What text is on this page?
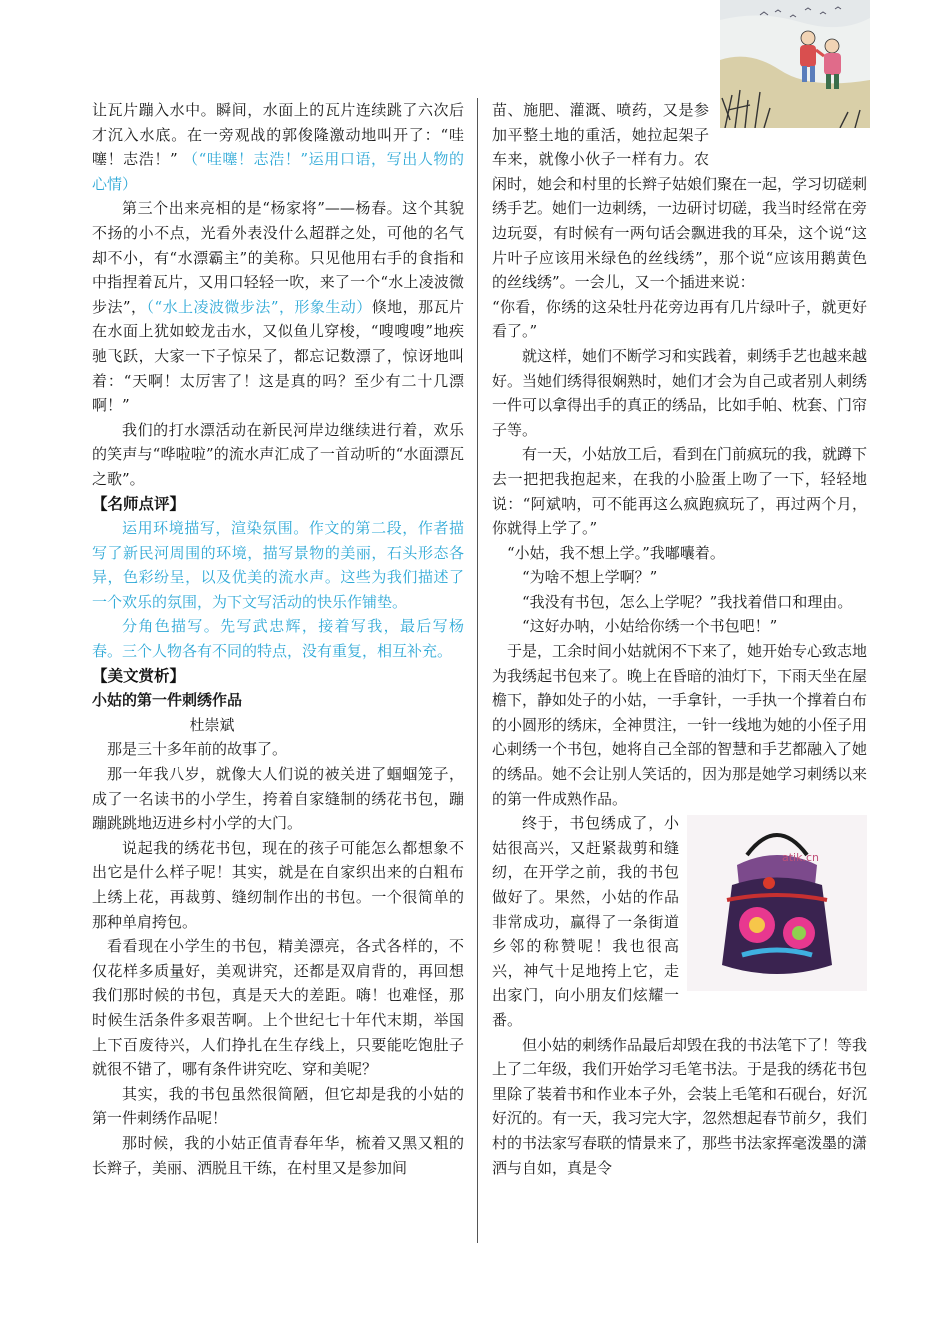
让瓦片蹦入水中。瞬间，水面上的瓦片连续跳了六次后才沉入水底。在一旁观战的郭俊隆激动地叫开了：“哇噻！志浩！” （“哇噻！志浩！”运用口语，写出人物的心情）

第三个出来亮相的是“杨家将”——杨春。这个其貌不扬的小不点，光看外表没什么超群之处，可他的名气却不小，有“水漂霸主”的美称。只见他用右手的食指和中指捏着瓦片，又用口轻轻一吹，来了一个“水上凌波微步法”，（“水上凌波微步法”，形象生动）倏地，那瓦片在水面上犹如蛟龙击水，又似鱼儿穿梭，“嗖嗖嗖”地疾驰飞跃，大家一下子惊呆了，都忘记数漂了，惊讶地叫着：“天啊！太厉害了！这是真的吗？至少有二十几漂啊！”

我们的打水漂活动在新民河岸边继续进行着，欢乐的笑声与“哗啦啦”的流水声汇成了一首动听的“水面漂瓦之歌”。

【名师点评】

运用环境描写，渲染氛围。作文的第二段，作者描写了新民河周围的环境，描写景物的美丽，石头形态各异，色彩纷呈，以及优美的流水声。这些为我们描述了一个欢乐的氛围，为下文写活动的快乐作铺垫。

分角色描写。先写武忠辉，接着写我，最后写杨春。三个人物各有不同的特点，没有重复，相互补充。

【美文赏析】

小姑的第一件刺绣作品

杜崇斌

那是三十多年前的故事了。

那一年我八岁，就像大人们说的被关进了蝈蝈笼子，成了一名读书的小学生，挎着自家缝制的绣花书包，蹦蹦跳跳地迈进乡村小学的大门。

说起我的绣花书包，现在的孩子可能怎么都想象不出它是什么样子呢！其实，就是在自家织出来的白粗布上绣上花，再裁剪、缝纫制作出的书包。一个很简单的那种单肩挎包。

看看现在小学生的书包，精美漂亮，各式各样的，不仅花样多质量好，美观讲究，还都是双肩背的，再回想我们那时候的书包，真是天大的差距。嗨！也难怪，那时候生活条件多艰苦啊。上个世纪七十年代末期，举国上下百废待兴，人们挣扎在生存线上，只要能吃饱肚子就很不错了，哪有条件讲究吃、穿和美呢？

其实，我的书包虽然很简陋，但它却是我的小姑的第一件刺绣作品呢！

那时候，我的小姑正值青春年华，梳着又黑又粗的长辫子，美丽、洒脱且干练，在村里又是参加间

苗、施肥、灌溉、喷药，又是参加平整土地的重活，她拉起架子车来，就像小伙子一样有力。农闲时，她会和村里的长辫子姑娘们聚在一起，学习切磋刺绣手艺。她们一边刺绣，一边研讨切磋，我当时经常在旁边玩耍，有时候有一两句话会飘进我的耳朵，这个说“这片叶子应该用米绿色的丝线绣”，那个说“应该用鹅黄色的丝线绣”。一会儿，又一个插进来说：

“你看，你绣的这朵牡丹花旁边再有几片绿叶子，就更好看了。”

就这样，她们不断学习和实践着，刺绣手艺也越来越好。当她们绣得很娴熟时，她们才会为自己或者别人刺绣一件可以拿得出手的真正的绣品，比如手帕、枕套、门帘子等。

有一天，小姑放工后，看到在门前疯玩的我，就蹲下去一把把我抱起来，在我的小脸蛋上吻了一下，轻轻地说：“阿斌呐，可不能再这么疯跑疯玩了，再过两个月，你就得上学了。”

“小姑，我不想上学。”我嘟囔着。

“为啥不想上学啊？”

“我没有书包，怎么上学呢？”我找着借口和理由。

“这好办呐，小姑给你绣一个书包吧！”

于是，工余时间小姑就闲不下来了，她开始专心致志地为我绣起书包来了。晚上在昏暗的油灯下，下雨天坐在屋檐下，静如处子的小姑，一手拿针，一手执一个撑着白布的小圆形的绣床，全神贯注，一针一线地为她的小侄子用心刺绣一个书包，她将自己全部的智慧和手艺都融入了她的绣品。她不会让别人笑话的，因为那是她学习刺绣以来的第一件成熟作品。

atik.cn

终于，书包绣成了，小姑很高兴，又赶紧裁剪和缝纫，在开学之前，我的书包做好了。果然，小姑的作品非常成功，赢得了一条街道乡邻的称赞呢！我也很高兴，神气十足地挎上它，走出家门，向小朋友们炫耀一番。

但小姑的刺绣作品最后却毁在我的书法笔下了！等我上了二年级，我们开始学习毛笔书法。于是我的绣花书包里除了装着书和作业本子外，会装上毛笔和石砚台，好沉好沉的。有一天，我习完大字，忽然想起春节前夕，我们村的书法家写春联的情景来了，那些书法家挥毫泼墨的潇洒与自如，真是令
